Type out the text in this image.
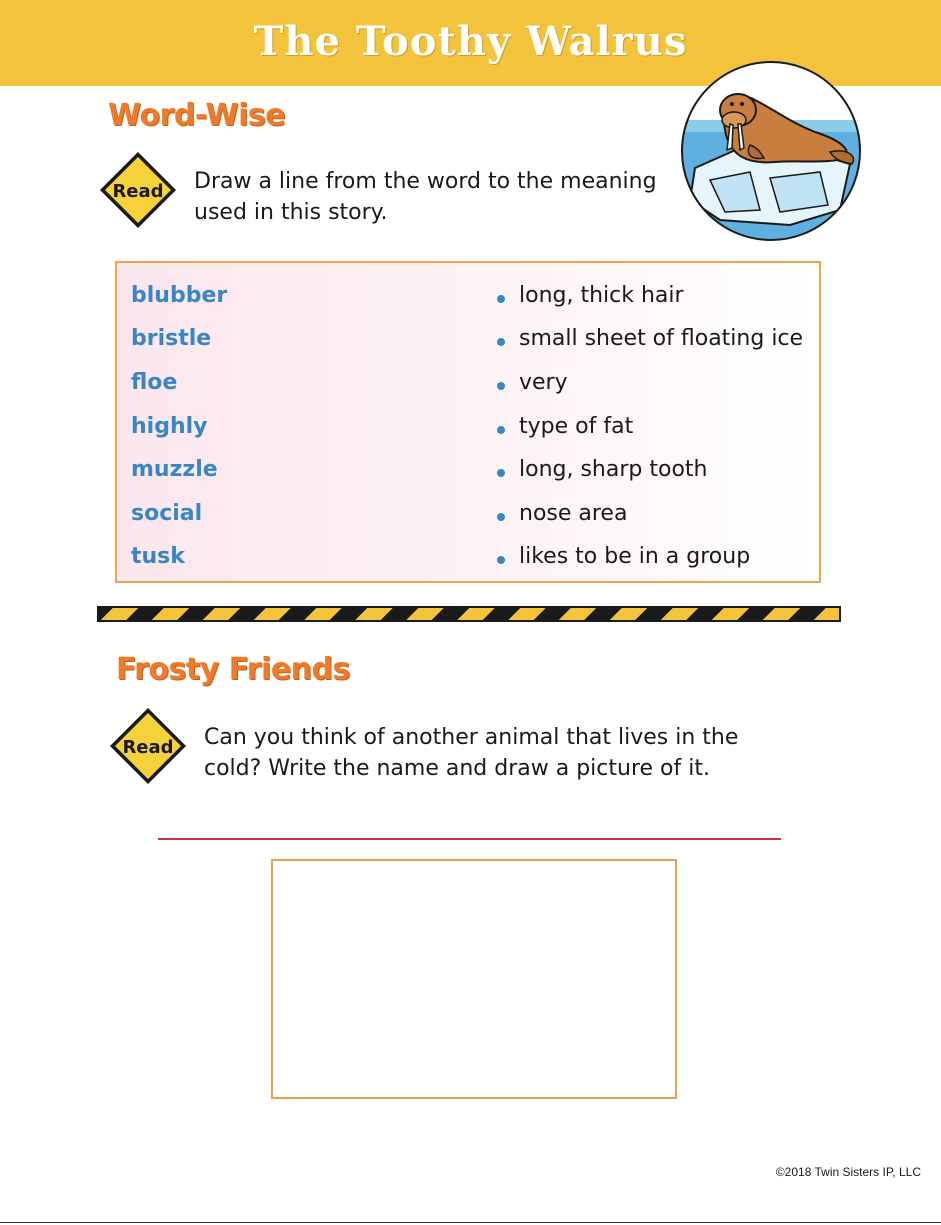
The Toothy Walrus
Word-Wise
Read Draw a line from the word to the meaning
used in this story.
blubber
bristle
floe
highly
muzzle
social
tusk
long, thick hair
small sheet of floating ice
very
type of fat
long, sharp tooth
nose area
likes to be in a group
Frosty Friends
Read Can you think of another animal that lives in the
cold? Write the name and draw a picture of it.
©2018 Twin Sisters IP, LLC
